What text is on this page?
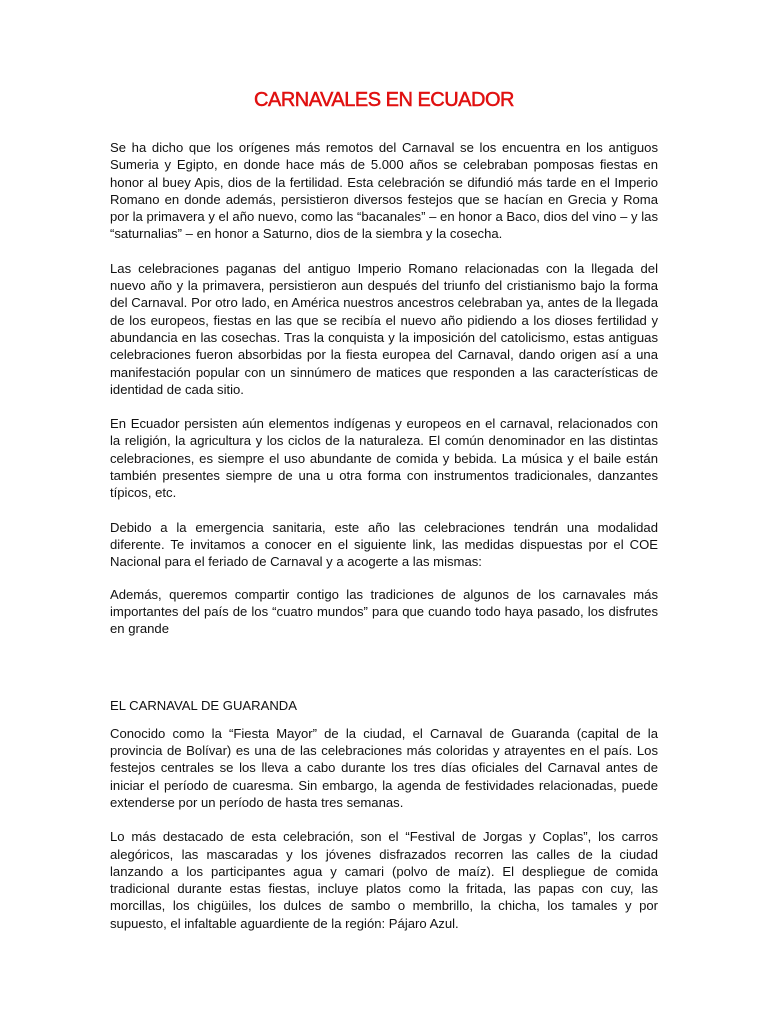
CARNAVALES EN ECUADOR

Se ha dicho que los orígenes más remotos del Carnaval se los encuentra en los antiguos Sumeria y Egipto, en donde hace más de 5.000 años se celebraban pomposas fiestas en honor al buey Apis, dios de la fertilidad. Esta celebración se difundió más tarde en el Imperio Romano en donde además, persistieron diversos festejos que se hacían en Grecia y Roma por la primavera y el año nuevo, como las “bacanales” – en honor a Baco, dios del vino – y las “saturnalias” – en honor a Saturno, dios de la siembra y la cosecha.

Las celebraciones paganas del antiguo Imperio Romano relacionadas con la llegada del nuevo año y la primavera, persistieron aun después del triunfo del cristianismo bajo la forma del Carnaval. Por otro lado, en América nuestros ancestros celebraban ya, antes de la llegada de los europeos, fiestas en las que se recibía el nuevo año pidiendo a los dioses fertilidad y abundancia en las cosechas. Tras la conquista y la imposición del catolicismo, estas antiguas celebraciones fueron absorbidas por la fiesta europea del Carnaval, dando origen así a una manifestación popular con un sinnúmero de matices que responden a las características de identidad de cada sitio.

En Ecuador persisten aún elementos indígenas y europeos en el carnaval, relacionados con la religión, la agricultura y los ciclos de la naturaleza. El común denominador en las distintas celebraciones, es siempre el uso abundante de comida y bebida. La música y el baile están también presentes siempre de una u otra forma con instrumentos tradicionales, danzantes típicos, etc.

Debido a la emergencia sanitaria, este año las celebraciones tendrán una modalidad diferente. Te invitamos a conocer en el siguiente link, las medidas dispuestas por el COE Nacional para el feriado de Carnaval y a acogerte a las mismas:

Además, queremos compartir contigo las tradiciones de algunos de los carnavales más importantes del país de los “cuatro mundos” para que cuando todo haya pasado, los disfrutes en grande

EL CARNAVAL DE GUARANDA

Conocido como la “Fiesta Mayor” de la ciudad, el Carnaval de Guaranda (capital de la provincia de Bolívar) es una de las celebraciones más coloridas y atrayentes en el país. Los festejos centrales se los lleva a cabo durante los tres días oficiales del Carnaval antes de iniciar el período de cuaresma. Sin embargo, la agenda de festividades relacionadas, puede extenderse por un período de hasta tres semanas.

Lo más destacado de esta celebración, son el “Festival de Jorgas y Coplas”, los carros alegóricos, las mascaradas y los jóvenes disfrazados recorren las calles de la ciudad lanzando a los participantes agua y camari (polvo de maíz). El despliegue de comida tradicional durante estas fiestas, incluye platos como la fritada, las papas con cuy, las morcillas, los chigüiles, los dulces de sambo o membrillo, la chicha, los tamales y por supuesto, el infaltable aguardiente de la región: Pájaro Azul.
